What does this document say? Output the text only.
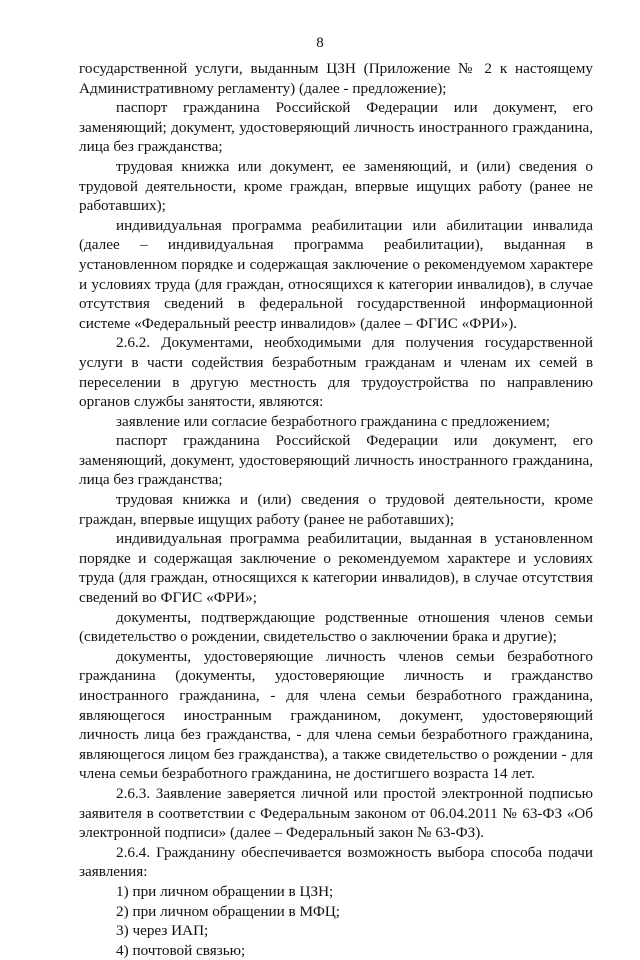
8

государственной услуги, выданным ЦЗН (Приложение № 2 к настоящему Административному регламенту) (далее - предложение);

паспорт гражданина Российской Федерации или документ, его заменяющий; документ, удостоверяющий личность иностранного гражданина, лица без гражданства;

трудовая книжка или документ, ее заменяющий, и (или) сведения о трудовой деятельности, кроме граждан, впервые ищущих работу (ранее не работавших);

индивидуальная программа реабилитации или абилитации инвалида (далее – индивидуальная программа реабилитации), выданная в установленном порядке и содержащая заключение о рекомендуемом характере и условиях труда (для граждан, относящихся к категории инвалидов), в случае отсутствия сведений в федеральной государственной информационной системе «Федеральный реестр инвалидов» (далее – ФГИС «ФРИ»).

2.6.2. Документами, необходимыми для получения государственной услуги в части содействия безработным гражданам и членам их семей в переселении в другую местность для трудоустройства по направлению органов службы занятости, являются:

заявление или согласие безработного гражданина с предложением;

паспорт гражданина Российской Федерации или документ, его заменяющий, документ, удостоверяющий личность иностранного гражданина, лица без гражданства;

трудовая книжка и (или) сведения о трудовой деятельности, кроме граждан, впервые ищущих работу (ранее не работавших);

индивидуальная программа реабилитации, выданная в установленном порядке и содержащая заключение о рекомендуемом характере и условиях труда (для граждан, относящихся к категории инвалидов), в случае отсутствия сведений во ФГИС «ФРИ»;

документы, подтверждающие родственные отношения членов семьи (свидетельство о рождении, свидетельство о заключении брака и другие);

документы, удостоверяющие личность членов семьи безработного гражданина (документы, удостоверяющие личность и гражданство иностранного гражданина, - для члена семьи безработного гражданина, являющегося иностранным гражданином, документ, удостоверяющий личность лица без гражданства, - для члена семьи безработного гражданина, являющегося лицом без гражданства), а также свидетельство о рождении - для члена семьи безработного гражданина, не достигшего возраста 14 лет.

2.6.3. Заявление заверяется личной или простой электронной подписью заявителя в соответствии с Федеральным законом от 06.04.2011 № 63-ФЗ «Об электронной подписи» (далее – Федеральный закон № 63-ФЗ).

2.6.4. Гражданину обеспечивается возможность выбора способа подачи заявления:

1) при личном обращении в ЦЗН;

2) при личном обращении в МФЦ;

3) через ИАП;

4) почтовой связью;
